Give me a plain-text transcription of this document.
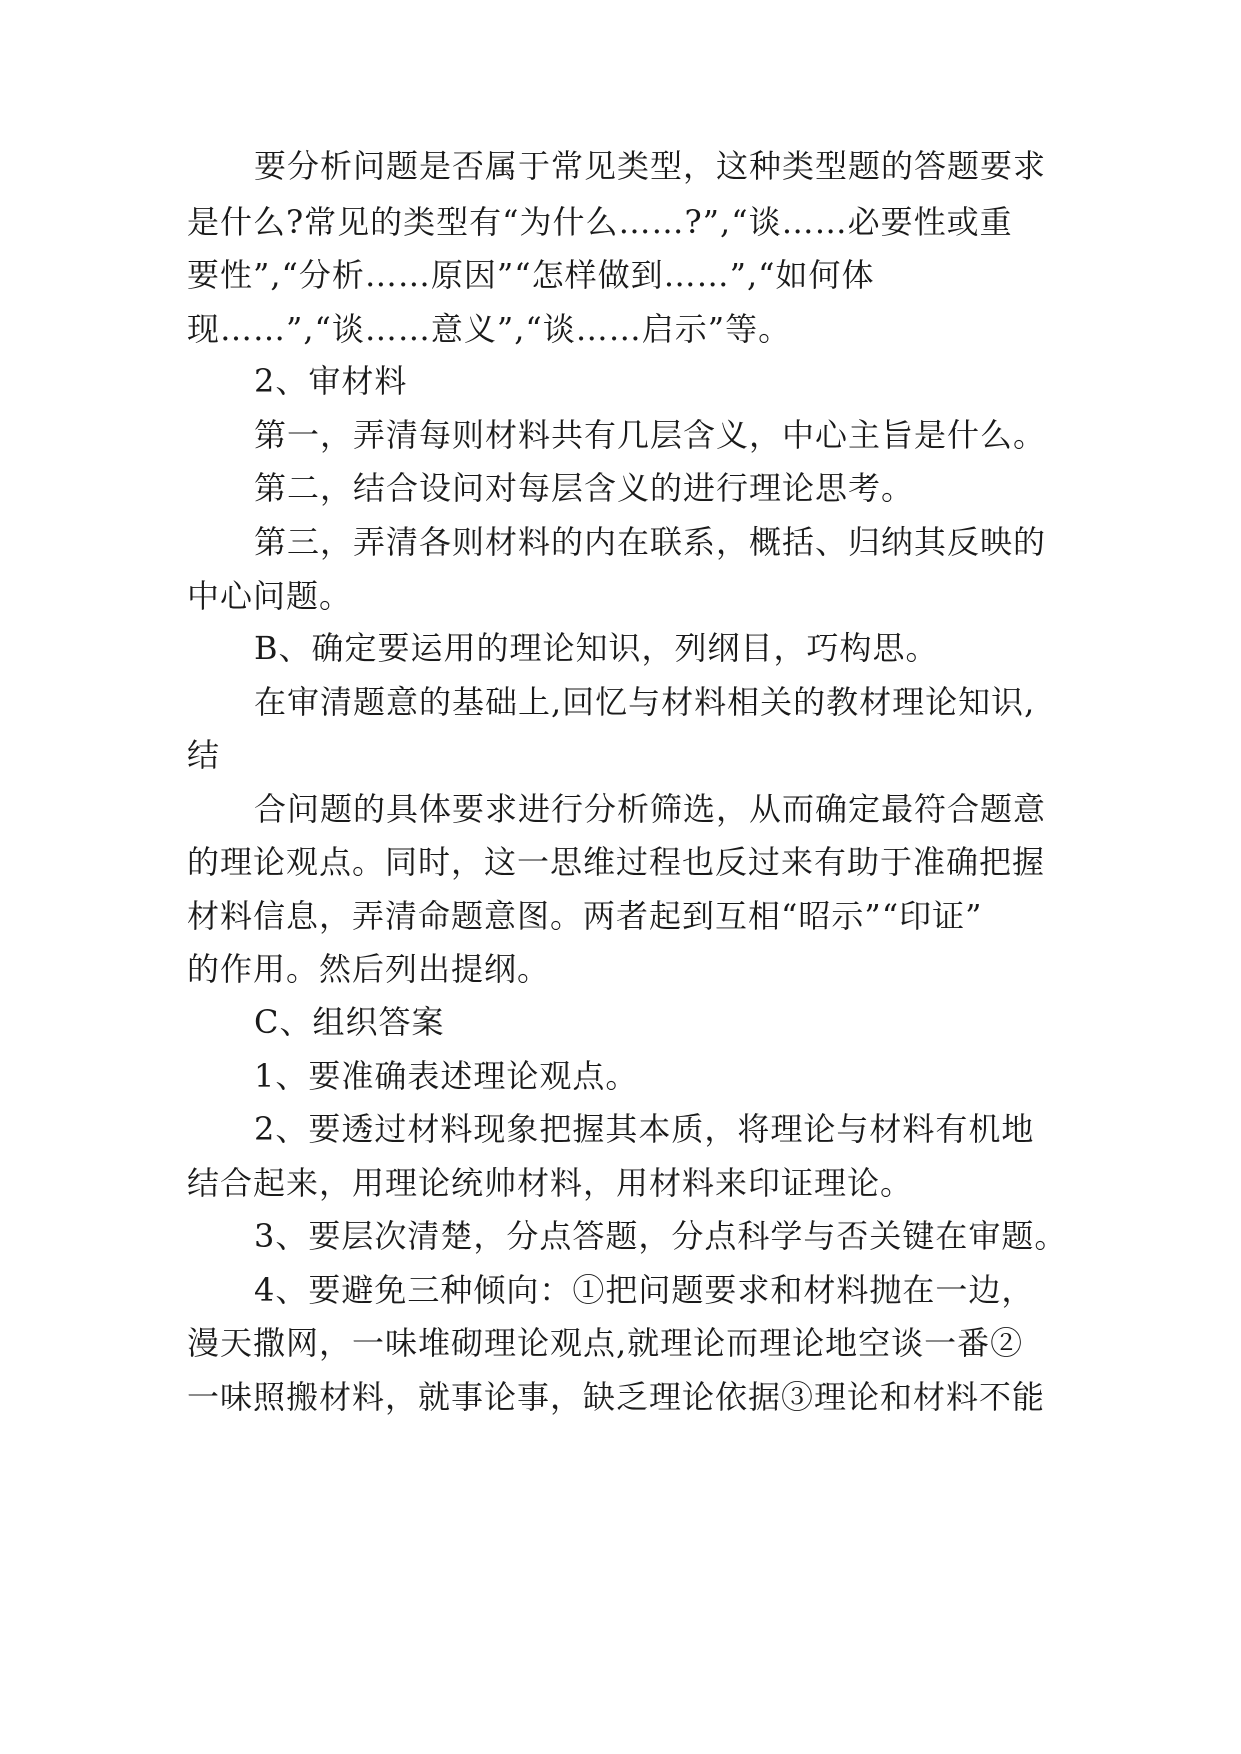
要分析问题是否属于常见类型，这种类型题的答题要求

是什么?常见的类型有“为什么……?”,“谈……必要性或重

要性”,“分析……原因”“怎样做到……”,“如何体

现……”,“谈……意义”,“谈……启示”等。

2、审材料

第一，弄清每则材料共有几层含义，中心主旨是什么。

第二，结合设问对每层含义的进行理论思考。

第三，弄清各则材料的内在联系，概括、归纳其反映的

中心问题。

B、确定要运用的理论知识，列纲目，巧构思。

在审清题意的基础上,回忆与材料相关的教材理论知识,

结

合问题的具体要求进行分析筛选，从而确定最符合题意

的理论观点。同时，这一思维过程也反过来有助于准确把握

材料信息，弄清命题意图。两者起到互相“昭示”“印证”

的作用。然后列出提纲。

C、组织答案

1、要准确表述理论观点。

2、要透过材料现象把握其本质，将理论与材料有机地

结合起来，用理论统帅材料，用材料来印证理论。

3、要层次清楚，分点答题，分点科学与否关键在审题。

4、要避免三种倾向：①把问题要求和材料抛在一边，

漫天撒网，一味堆砌理论观点,就理论而理论地空谈一番②

一味照搬材料，就事论事，缺乏理论依据③理论和材料不能
